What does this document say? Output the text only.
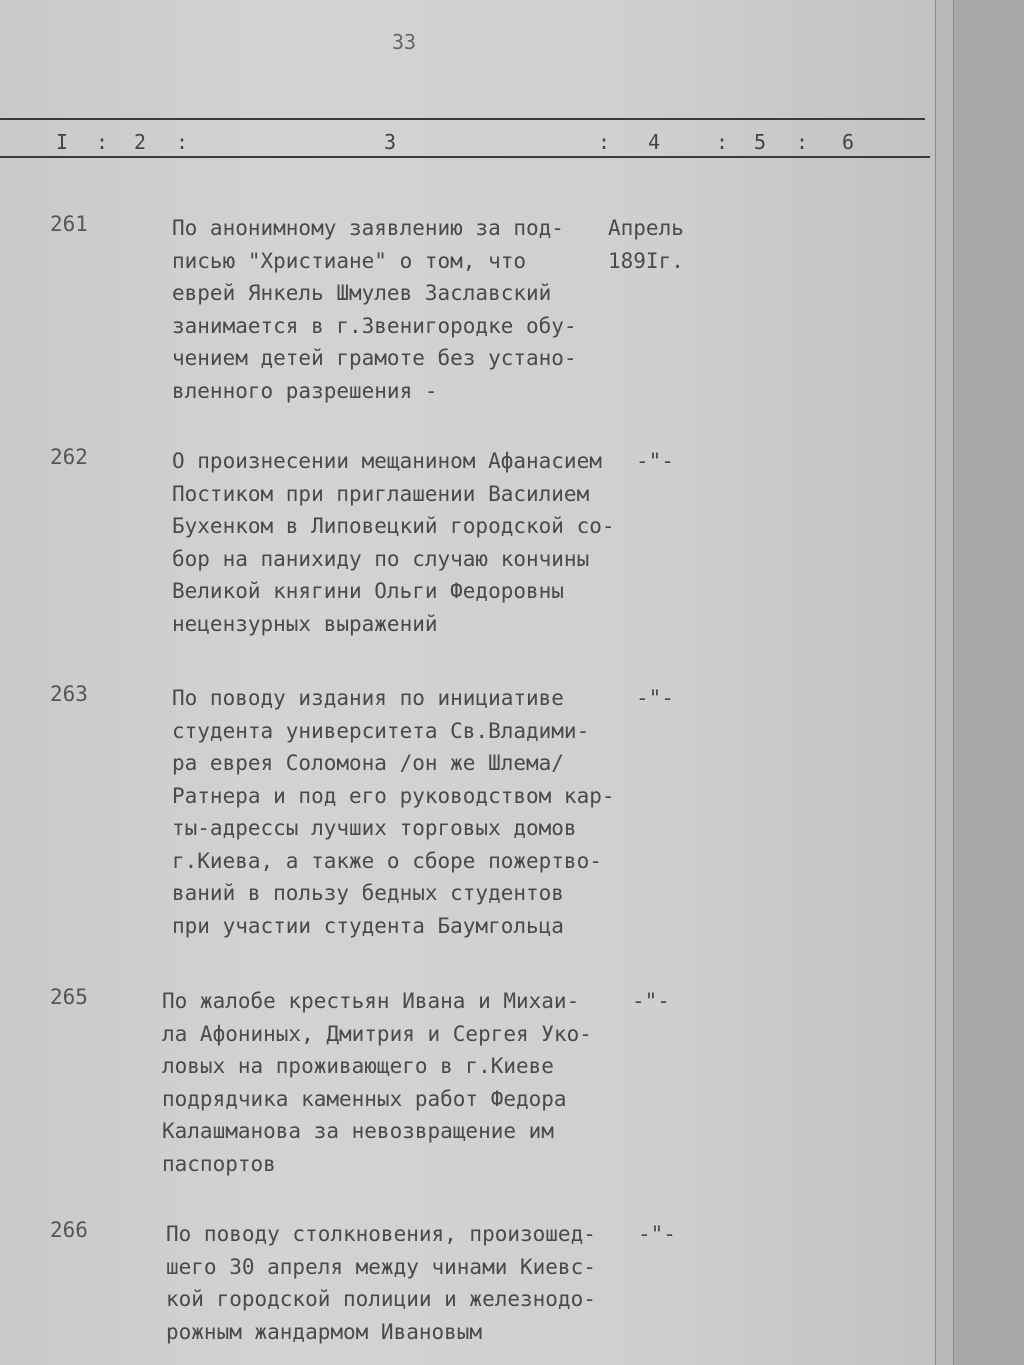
33
I : 2 :	3	: 4	: 5 : 6
261	По анонимному заявлению за под-
писью "Христиане" о том, что
еврей Янкель Шмулев Заславский
занимается в г.Звенигородке обу-
чением детей грамоте без устано-
вленного разрешения -
Апрель
189Iг.
262	О произнесении мещанином Афанасием
Постиком при приглашении Василием
Бухенком в Липовецкий городской со-
бор на панихиду по случаю кончины
Великой княгини Ольги Федоровны
нецензурных выражений
-"-
263	По поводу издания по инициативе
студента университета Св.Владими-
ра еврея Соломона /он же Шлема/
Ратнера и под его руководством кар-
ты-адрессы лучших торговых домов
г.Киева, а также о сборе пожертво-
ваний в пользу бедных студентов
при участии студента Баумгольца
-"-
265	По жалобе крестьян Ивана и Михаи-
ла Афониных, Дмитрия и Сергея Уко-
ловых на проживающего в г.Киеве
подрядчика каменных работ Федора
Калашманова за невозвращение им
паспортов
-"-
266	По поводу столкновения, произошед-
шего 30 апреля между чинами Киевс-
кой городской полиции и железнодо-
рожным жандармом Ивановым
-"-
